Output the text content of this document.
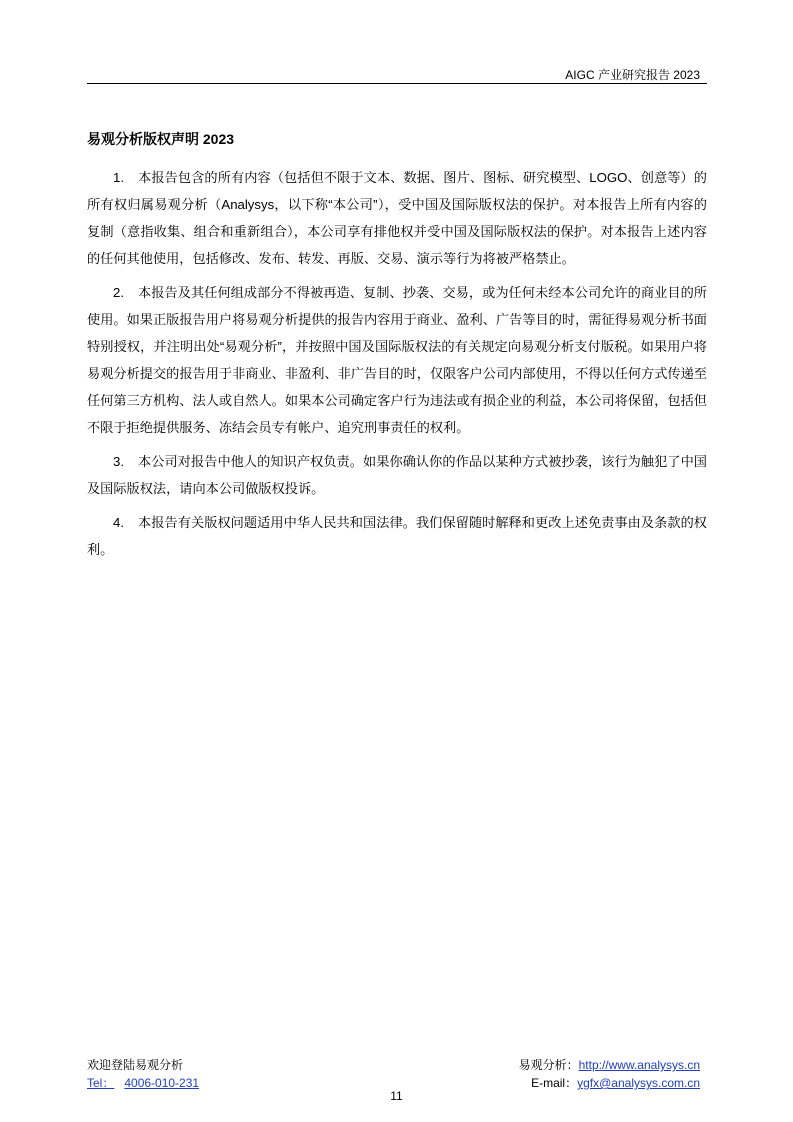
AIGC 产业研究报告 2023
易观分析版权声明 2023

1. 本报告包含的所有内容（包括但不限于文本、数据、图片、图标、研究模型、LOGO、创意等）的所有权归属易观分析（Analysys，以下称“本公司”），受中国及国际版权法的保护。对本报告上所有内容的复制（意指收集、组合和重新组合），本公司享有排他权并受中国及国际版权法的保护。对本报告上述内容的任何其他使用，包括修改、发布、转发、再版、交易、演示等行为将被严格禁止。

2. 本报告及其任何组成部分不得被再造、复制、抄袭、交易，或为任何未经本公司允许的商业目的所使用。如果正版报告用户将易观分析提供的报告内容用于商业、盈利、广告等目的时，需征得易观分析书面特别授权，并注明出处“易观分析”，并按照中国及国际版权法的有关规定向易观分析支付版税。如果用户将易观分析提交的报告用于非商业、非盈利、非广告目的时，仅限客户公司内部使用，不得以任何方式传递至任何第三方机构、法人或自然人。如果本公司确定客户行为违法或有损企业的利益，本公司将保留，包括但不限于拒绝提供服务、冻结会员专有帐户、追究刑事责任的权利。

3. 本公司对报告中他人的知识产权负责。如果你确认你的作品以某种方式被抄袭，该行为触犯了中国及国际版权法，请向本公司做版权投诉。

4. 本报告有关版权问题适用中华人民共和国法律。我们保留随时解释和更改上述免责事由及条款的权利。

欢迎登陆易观分析
Tel： 4006-010-231
易观分析：http://www.analysys.cn
E-mail：ygfx@analysys.com.cn
11
